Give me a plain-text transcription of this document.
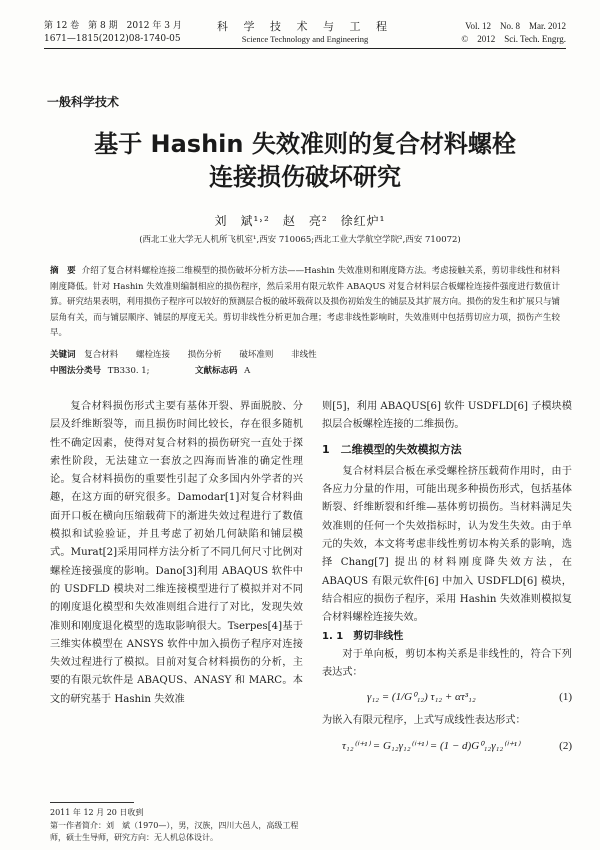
第 12 卷　第 8 期　2012 年 3 月
1671—1815(2012)08-1740-05
科 学 技 术 与 工 程
Science Technology and Engineering
Vol. 12　No. 8　Mar. 2012
©　2012　Sci. Tech. Engrg.
一般科学技术
基于 Hashin 失效准则的复合材料螺栓
连接损伤破坏研究
刘　斌¹˒²　赵　亮²　徐红炉¹
(西北工业大学无人机所飞机室¹,西安 710065;西北工业大学航空学院²,西安 710072)
摘　要 介绍了复合材料螺栓连接二维模型的损伤破坏分析方法——Hashin 失效准则和刚度降方法。考虑接触关系，剪切非线性和材料刚度降低。针对 Hashin 失效准则编制相应的损伤程序，然后采用有限元软件 ABAQUS 对复合材料层合板螺栓连接件强度进行数值计算。研究结果表明，利用损伤子程序可以较好的预测层合板的破坏载荷以及损伤初始发生的铺层及其扩展方向。损伤的发生和扩展只与铺层角有关，而与铺层顺序、铺层的厚度无关。剪切非线性分析更加合理；考虑非线性影响时，失效准则中包括剪切应力项，损伤产生较早。
关键词 复合材料 螺栓连接 损伤分析 破坏准则 非线性
中图法分类号 TB330. 1;	文献标志码 A

复合材料损伤形式主要有基体开裂、界面脱胶、分层及纤维断裂等，而且损伤时间比较长，存在很多随机性不确定因素，使得对复合材料的损伤研究一直处于探索性阶段，无法建立一套放之四海而皆准的确定性理论。复合材料损伤的重要性引起了众多国内外学者的兴趣，在这方面的研究很多。Damodar[1]对复合材料曲面开口板在横向压缩载荷下的渐进失效过程进行了数值模拟和试验验证，并且考虑了初始几何缺陷和铺层模式。Murat[2]采用同样方法分析了不同几何尺寸比例对螺栓连接强度的影响。Dano[3]利用 ABAQUS 软件中的 USDFLD 模块对二维连接模型进行了模拟并对不同的刚度退化模型和失效准则组合进行了对比，发现失效准则和刚度退化模型的选取影响很大。Tserpes[4]基于三维实体模型在 ANSYS 软件中加入损伤子程序对连接失效过程进行了模拟。目前对复合材料损伤的分析，主要的有限元软件是 ABAQUS、ANASY 和 MARC。本文的研究基于 Hashin 失效准

则[5]，利用 ABAQUS[6] 软件 USDFLD[6] 子模块模拟层合板螺栓连接的二维损伤。

1　二维模型的失效模拟方法

复合材料层合板在承受螺栓挤压载荷作用时，由于各应力分量的作用，可能出现多种损伤形式，包括基体断裂、纤维断裂和纤维—基体剪切损伤。当材料满足失效准则的任何一个失效指标时，认为发生失效。由于单元的失效，本文将考虑非线性剪切本构关系的影响，选择 Chang[7] 提出的材料刚度降失效方法，在 ABAQUS 有限元软件[6] 中加入 USDFLD[6] 模块，结合相应的损伤子程序，采用 Hashin 失效准则模拟复合材料螺栓连接失效。

1. 1　剪切非线性

对于单向板，剪切本构关系是非线性的，符合下列表达式：

γ₁₂ = (1/G⁰₁₂) τ₁₂ + ατ³₁₂	(1)

为嵌入有限元程序，上式写成线性表达形式：

τ₁₂⁽ⁱ⁺¹⁾ = G₁₂γ₁₂⁽ⁱ⁺¹⁾ = (1 − d)G⁰₁₂γ₁₂⁽ⁱ⁺¹⁾	(2)
2011 年 12 月 20 日收到
第一作者简介：刘　斌（1970—），男，汉族，四川大邑人，高级工程师，硕士生导师，研究方向：无人机总体设计。
